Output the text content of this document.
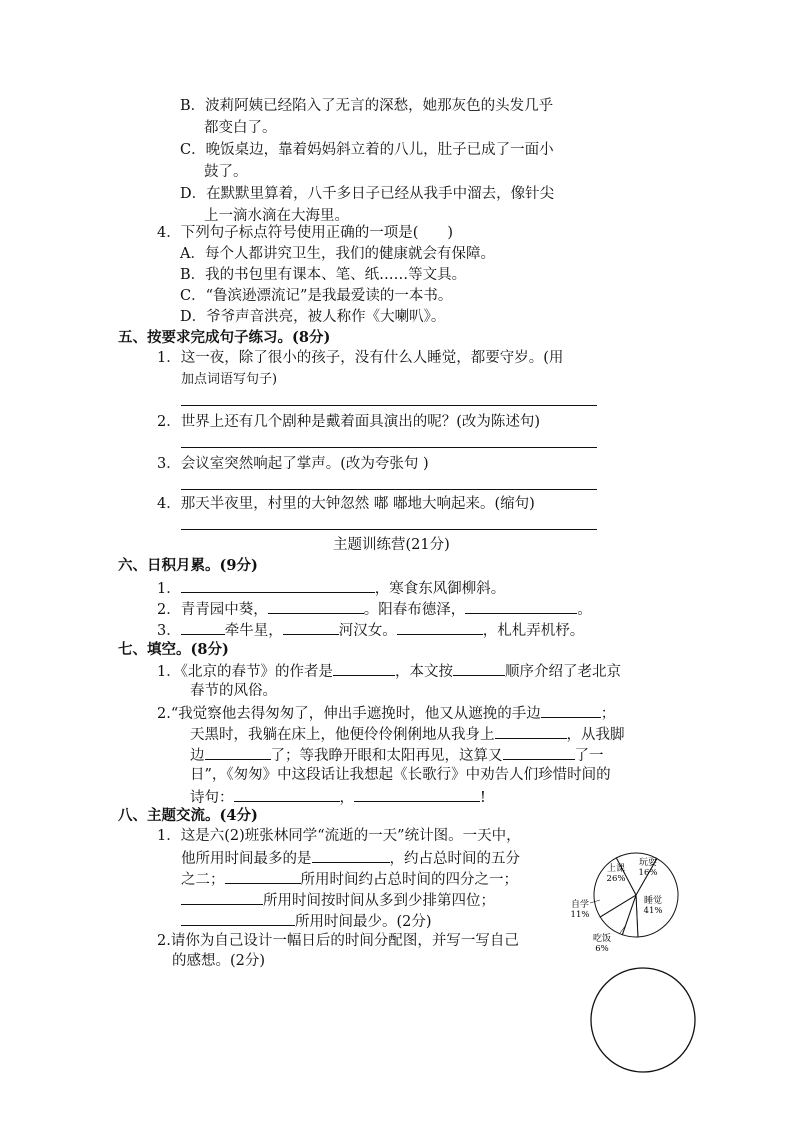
B．波莉阿姨已经陷入了无言的深愁，她那灰色的头发几乎
都变白了。
C．晚饭桌边，靠着妈妈斜立着的八儿，肚子已成了一面小
鼓了。
D．在默默里算着，八千多日子已经从我手中溜去，像针尖
上一滴水滴在大海里。
4．下列句子标点符号使用正确的一项是(　　)
A．每个人都讲究卫生，我们的健康就会有保障。
B．我的书包里有课本、笔、纸……等文具。
C．“鲁滨逊漂流记”是我最爱读的一本书。
D．爷爷声音洪亮，被人称作《大喇叭》。
五、按要求完成句子练习。(8分)
1．这一夜，除了很小的孩子，没有什么人睡觉，都要守岁。(用
加点词语写句子)
2．世界上还有几个剧种是戴着面具演出的呢？(改为陈述句)
3．会议室突然响起了掌声。(改为夸张句 )
4．那天半夜里，村里的大钟忽然 嘟 嘟地大响起来。(缩句)
主题训练营(21分)
六、日积月累。(9分)
1．	，寒食东风御柳斜。
2．青青园中葵，	。阳春布德泽，	。
3．	牵牛星，	河汉女。	，札札弄机杼。
七、填空。(8分)
1．《北京的春节》的作者是	，本文按	顺序介绍了老北京
春节的风俗。
2.“我觉察他去得匆匆了，伸出手遮挽时，他又从遮挽的手边	；
天黑时，我躺在床上，他便伶伶俐俐地从我身上	，从我脚
边	了；等我睁开眼和太阳再见，这算又	了一
日”，《匆匆》中这段话让我想起《长歌行》中劝告人们珍惜时间的
诗句：	，	!
八、主题交流。(4分)
1．这是六(2)班张林同学“流逝的一天”统计图。一天中，
他所用时间最多的是	，约占总时间的五分
之二；	所用时间约占总时间的四分之一；
所用时间按时间从多到少排第四位；
所用时间最少。(2分)
2.请你为自己设计一幅日后的时间分配图，并写一写自己
的感想。(2分)
睡觉
41%
吃饭
6%
自学
11%
上课
26%
玩耍
16%
